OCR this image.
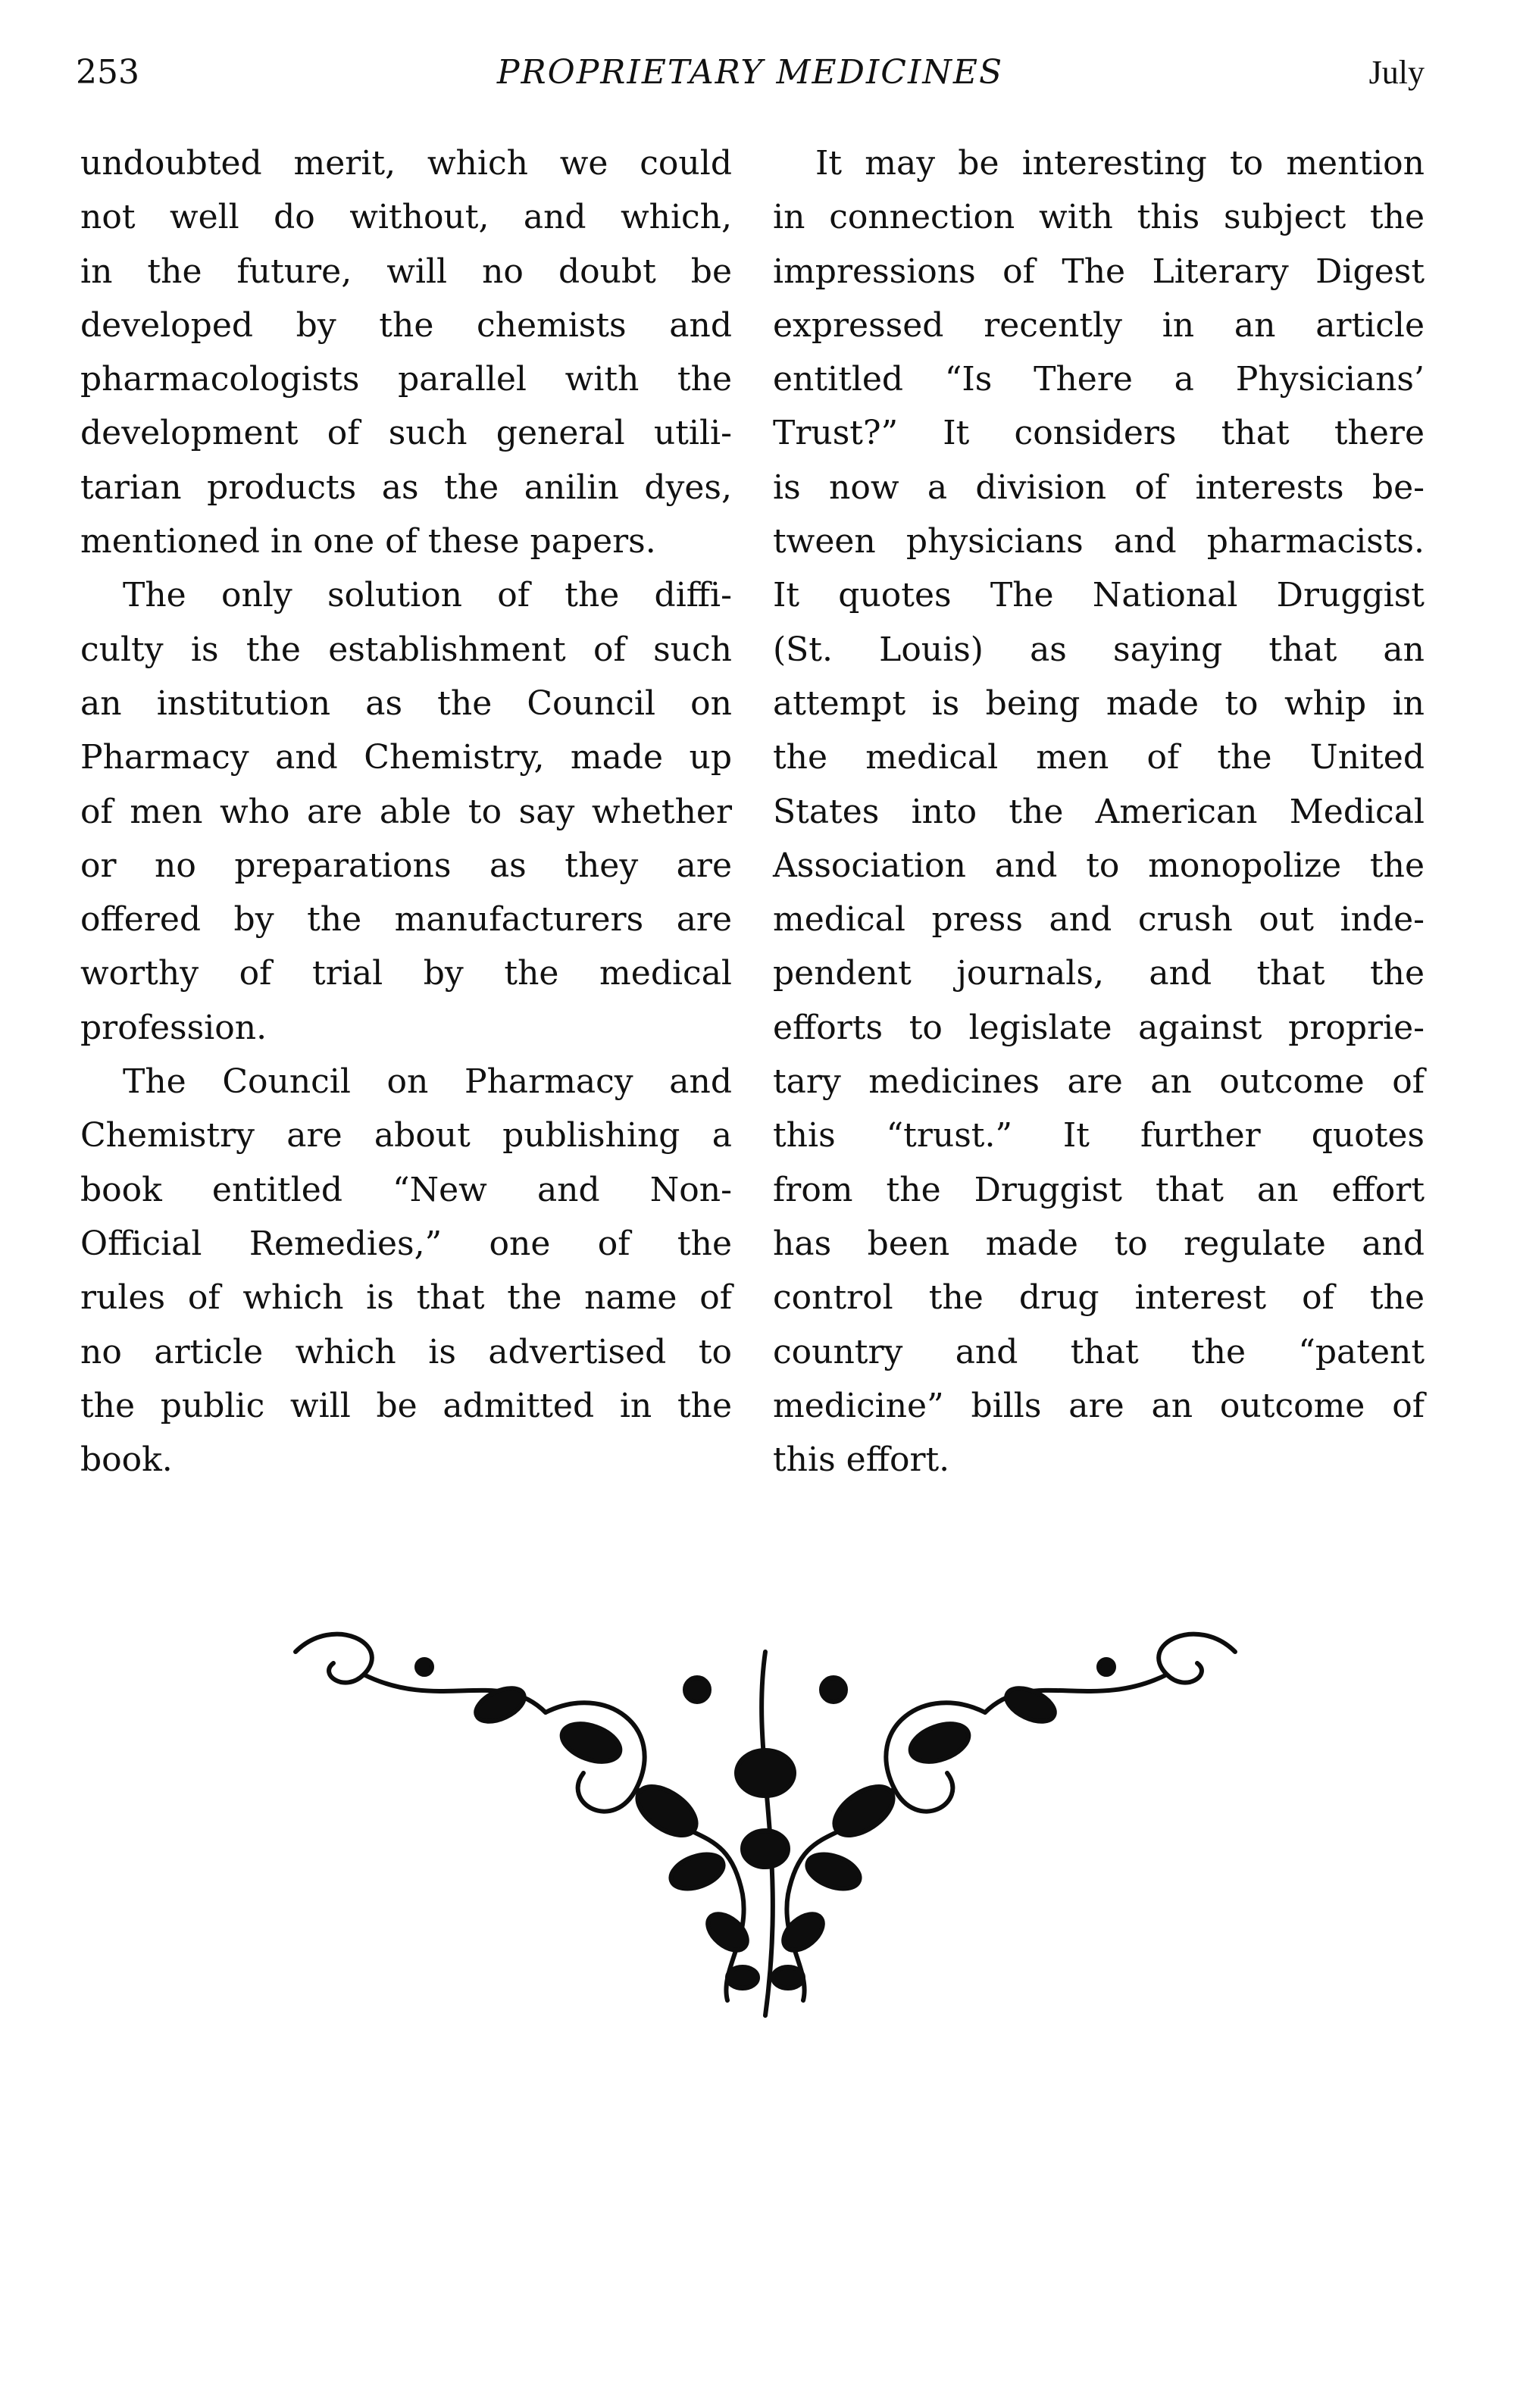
253	PROPRIETARY MEDICINES	July

undoubted merit, which we could
not well do without, and which,
in the future, will no doubt be
developed by the chemists and
pharmacologists parallel with the
development of such general utili-
tarian products as the anilin dyes,
mentioned in one of these papers.

The only solution of the diffi-
culty is the establishment of such
an institution as the Council on
Pharmacy and Chemistry, made up
of men who are able to say whether
or no preparations as they are
offered by the manufacturers are
worthy of trial by the medical
profession.

The Council on Pharmacy and
Chemistry are about publishing a
book entitled “New and Non-
Official Remedies,” one of the
rules of which is that the name of
no article which is advertised to
the public will be admitted in the
book.

It may be interesting to mention
in connection with this subject the
impressions of The Literary Digest
expressed recently in an article
entitled “Is There a Physicians’
Trust?” It considers that there
is now a division of interests be-
tween physicians and pharmacists.
It quotes The National Druggist
(St. Louis) as saying that an
attempt is being made to whip in
the medical men of the United
States into the American Medical
Association and to monopolize the
medical press and crush out inde-
pendent journals, and that the
efforts to legislate against proprie-
tary medicines are an outcome of
this “trust.” It further quotes
from the Druggist that an effort
has been made to regulate and
control the drug interest of the
country and that the “patent
medicine” bills are an outcome of
this effort.
